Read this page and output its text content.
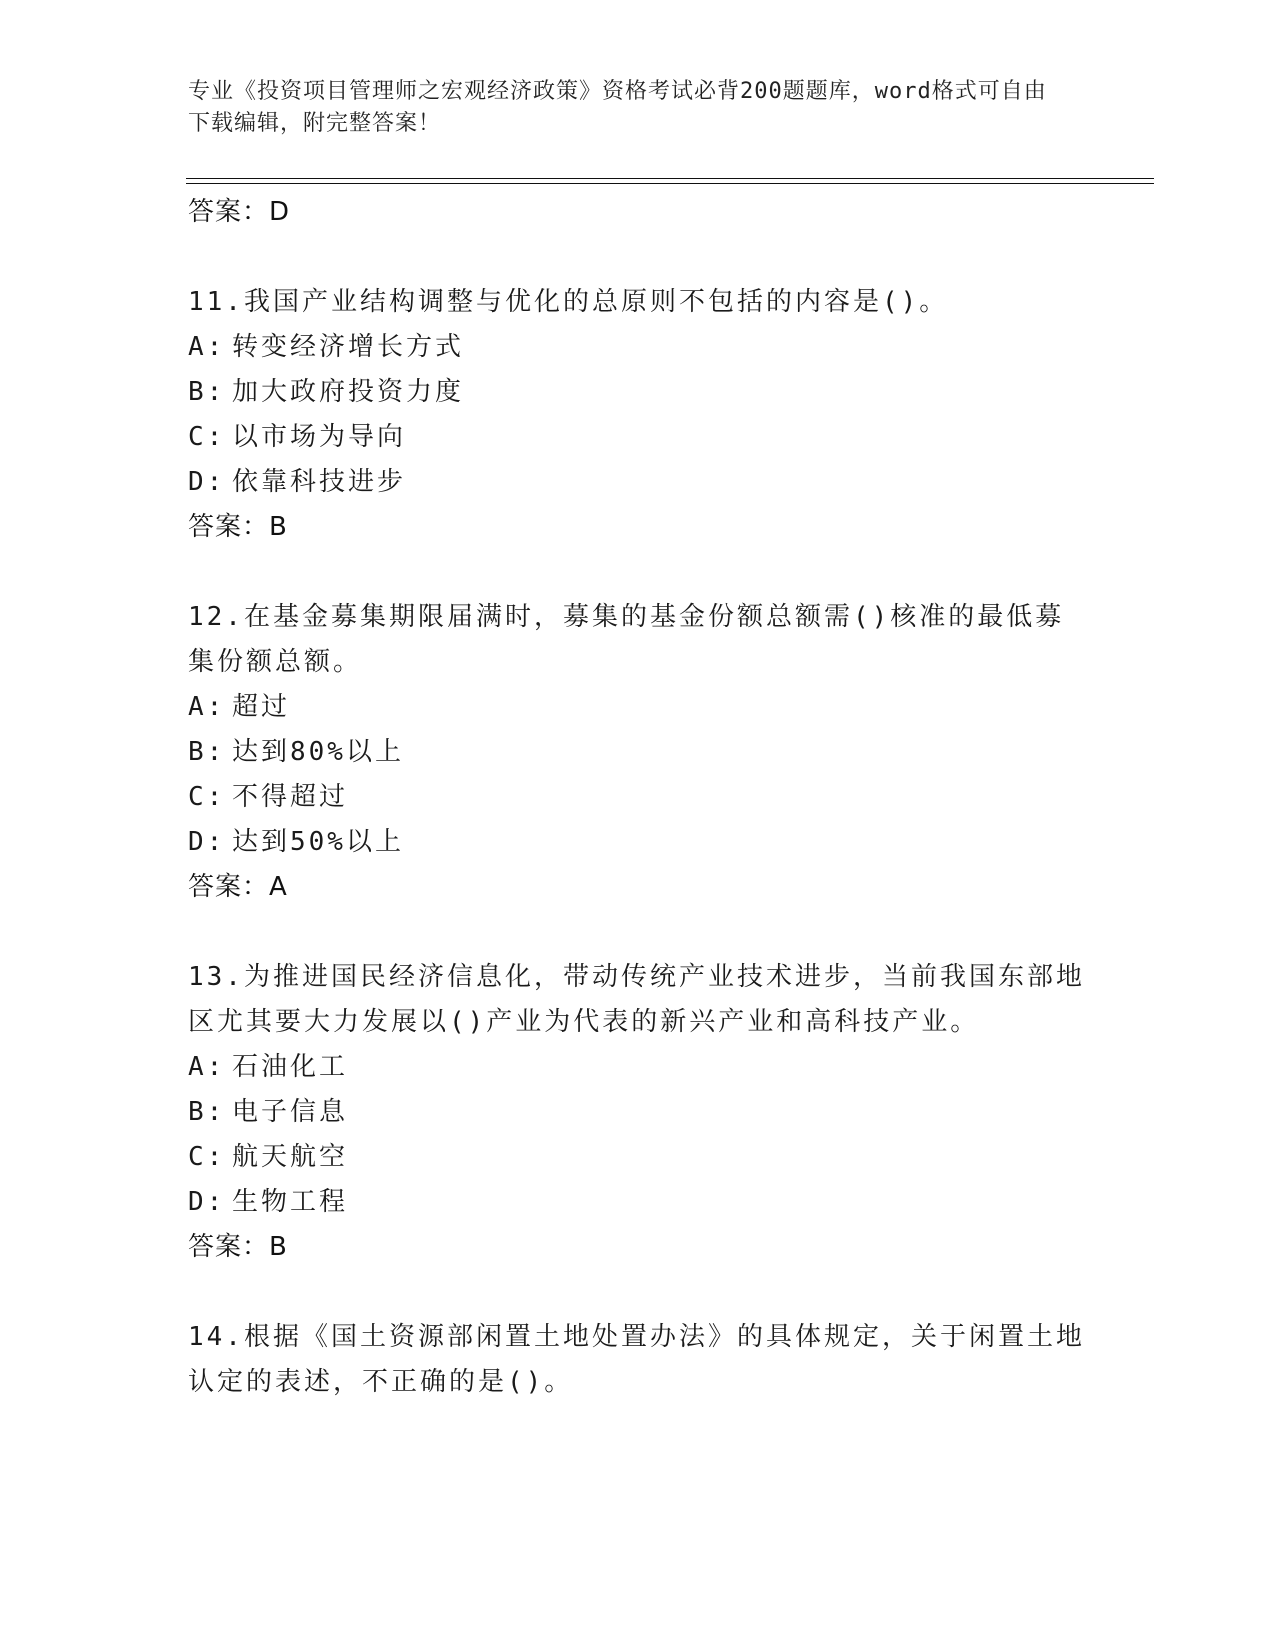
专业《投资项目管理师之宏观经济政策》资格考试必背200题题库，word格式可自由下载编辑，附完整答案！
答案：D
11.我国产业结构调整与优化的总原则不包括的内容是()。
A: 转变经济增长方式
B: 加大政府投资力度
C: 以市场为导向
D: 依靠科技进步
答案：B
12.在基金募集期限届满时，募集的基金份额总额需()核准的最低募集份额总额。
A: 超过
B: 达到80%以上
C: 不得超过
D: 达到50%以上
答案：A
13.为推进国民经济信息化，带动传统产业技术进步，当前我国东部地区尤其要大力发展以()产业为代表的新兴产业和高科技产业。
A: 石油化工
B: 电子信息
C: 航天航空
D: 生物工程
答案：B
14.根据《国土资源部闲置土地处置办法》的具体规定，关于闲置土地认定的表述，不正确的是()。
